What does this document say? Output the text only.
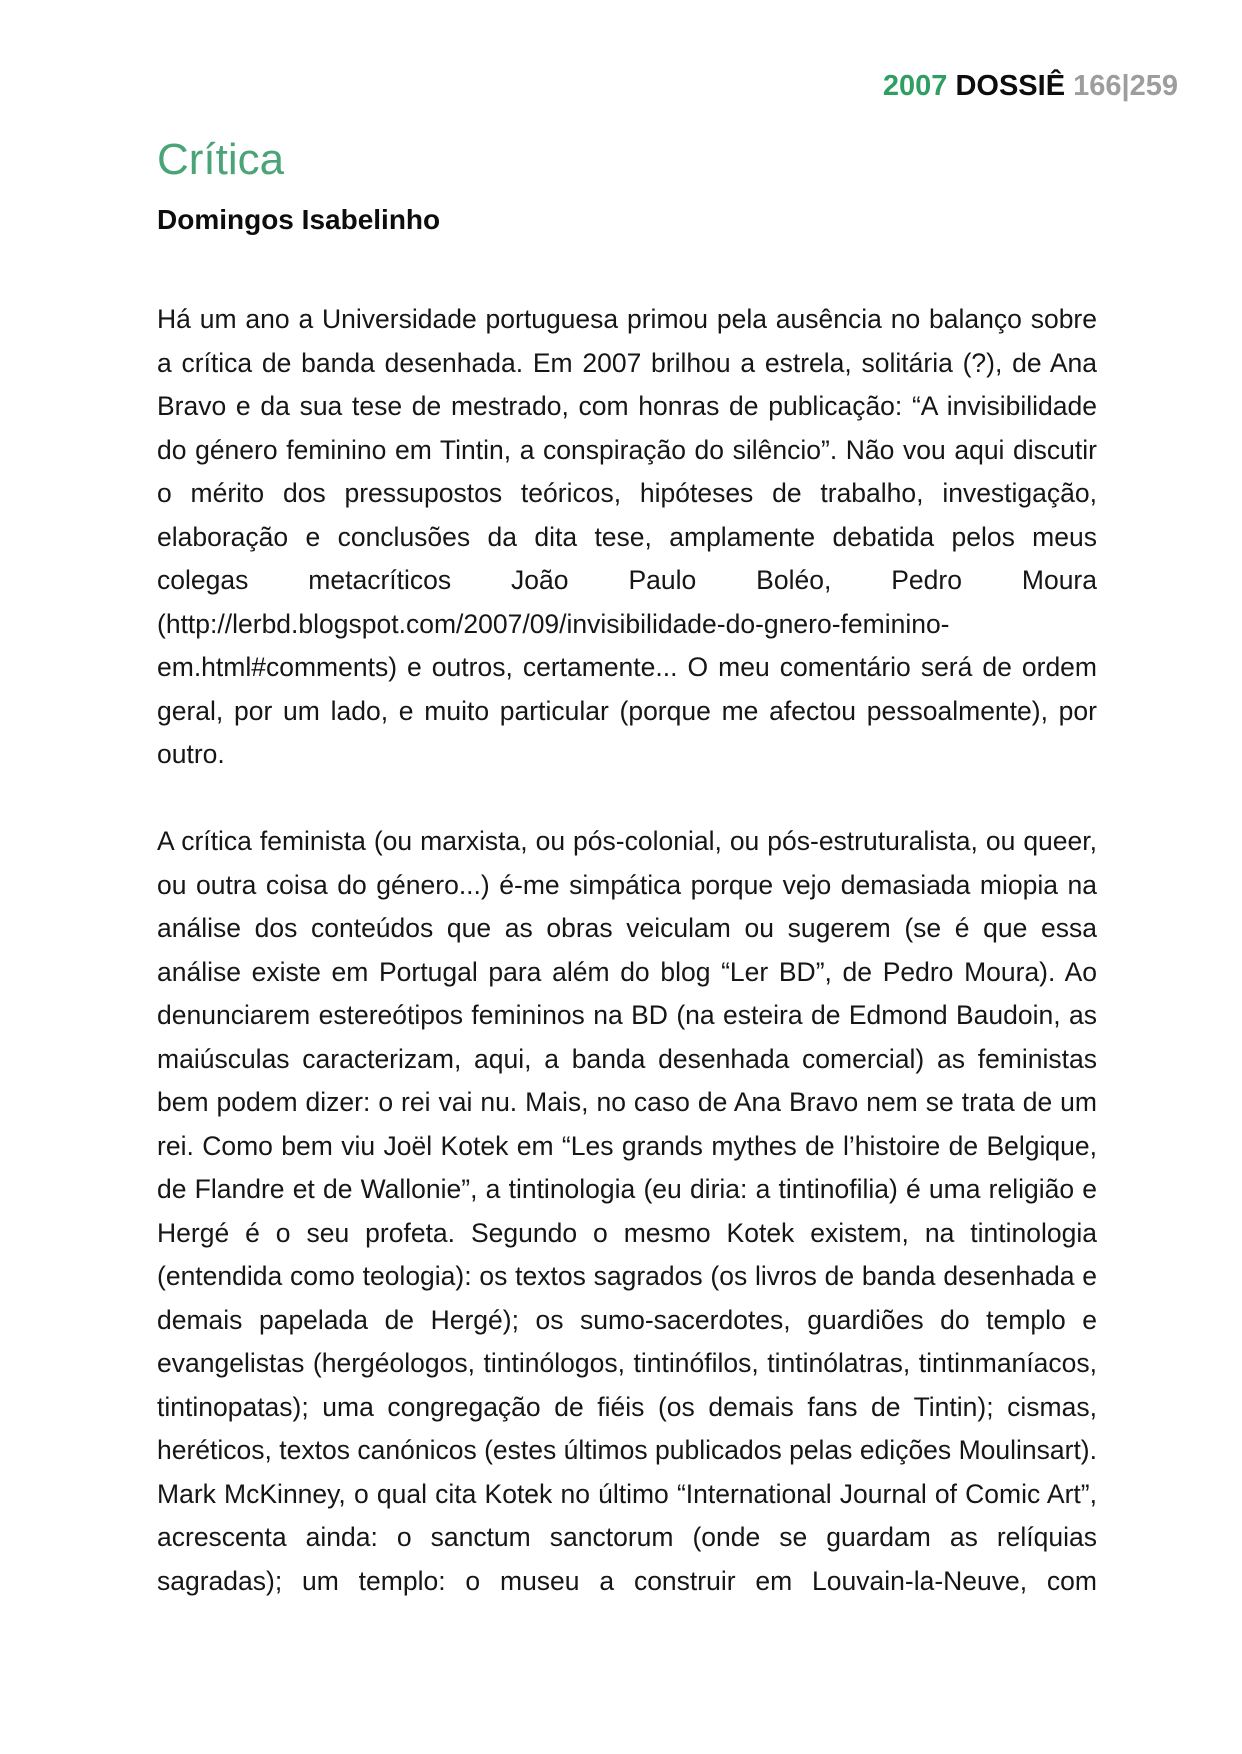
2007 DOSSIÊ 166|259
Crítica
Domingos Isabelinho

Há um ano a Universidade portuguesa primou pela ausência no balanço sobre a crítica de banda desenhada. Em 2007 brilhou a estrela, solitária (?), de Ana Bravo e da sua tese de mestrado, com honras de publicação: “A invisibilidade do género feminino em Tintin, a conspiração do silêncio”. Não vou aqui discutir o mérito dos pressupostos teóricos, hipóteses de trabalho, investigação, elaboração e conclusões da dita tese, amplamente debatida pelos meus colegas metacríticos João Paulo Boléo, Pedro Moura (http://lerbd.blogspot.com/2007/09/invisibilidade-do-gnero-feminino-em.html#comments) e outros, certamente... O meu comentário será de ordem geral, por um lado, e muito particular (porque me afectou pessoalmente), por outro.

A crítica feminista (ou marxista, ou pós-colonial, ou pós-estruturalista, ou queer, ou outra coisa do género...) é-me simpática porque vejo demasiada miopia na análise dos conteúdos que as obras veiculam ou sugerem (se é que essa análise existe em Portugal para além do blog “Ler BD”, de Pedro Moura). Ao denunciarem estereótipos femininos na BD (na esteira de Edmond Baudoin, as maiúsculas caracterizam, aqui, a banda desenhada comercial) as feministas bem podem dizer: o rei vai nu. Mais, no caso de Ana Bravo nem se trata de um rei. Como bem viu Joël Kotek em “Les grands mythes de l’histoire de Belgique, de Flandre et de Wallonie”, a tintinologia (eu diria: a tintinofilia) é uma religião e Hergé é o seu profeta. Segundo o mesmo Kotek existem, na tintinologia (entendida como teologia): os textos sagrados (os livros de banda desenhada e demais papelada de Hergé); os sumo-sacerdotes, guardiões do templo e evangelistas (hergéologos, tintinólogos, tintinófilos, tintinólatras, tintinmaníacos, tintinopatas); uma congregação de fiéis (os demais fans de Tintin); cismas, heréticos, textos canónicos (estes últimos publicados pelas edições Moulinsart). Mark McKinney, o qual cita Kotek no último “International Journal of Comic Art”, acrescenta ainda: o sanctum sanctorum (onde se guardam as relíquias sagradas); um templo: o museu a construir em Louvain-la-Neuve, com
